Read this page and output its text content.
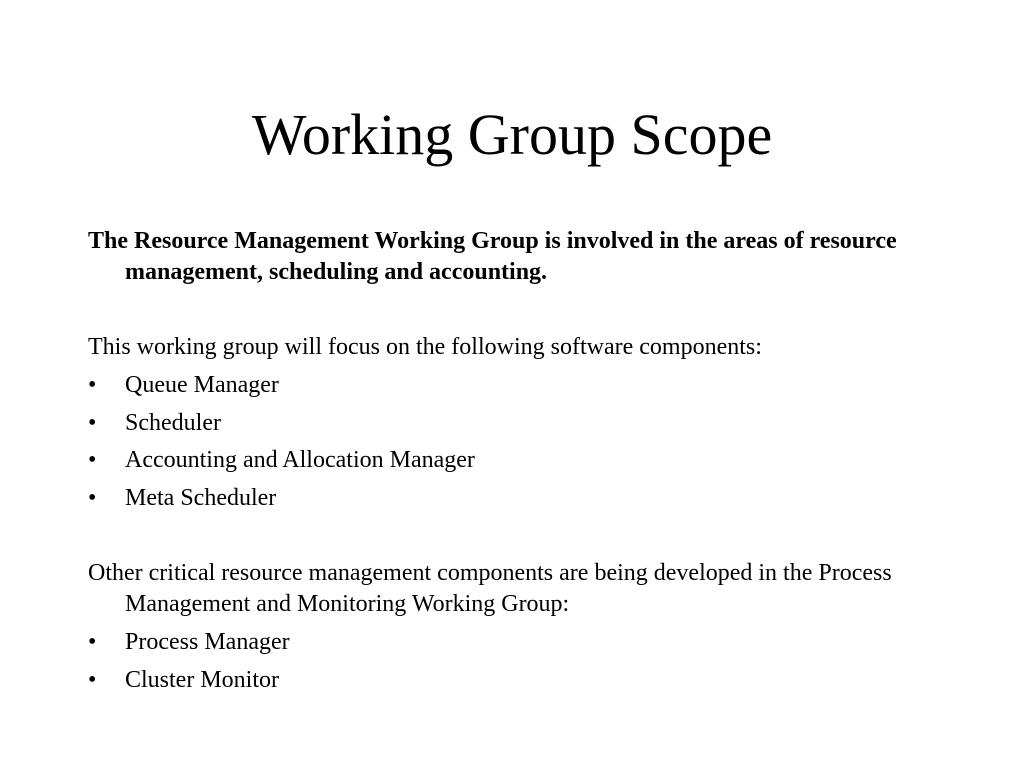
Working Group Scope

The Resource Management Working Group is involved in the areas of resource management, scheduling and accounting.

This working group will focus on the following software components:

• Queue Manager
• Scheduler
• Accounting and Allocation Manager
• Meta Scheduler

Other critical resource management components are being developed in the Process Management and Monitoring Working Group:

• Process Manager
• Cluster Monitor
